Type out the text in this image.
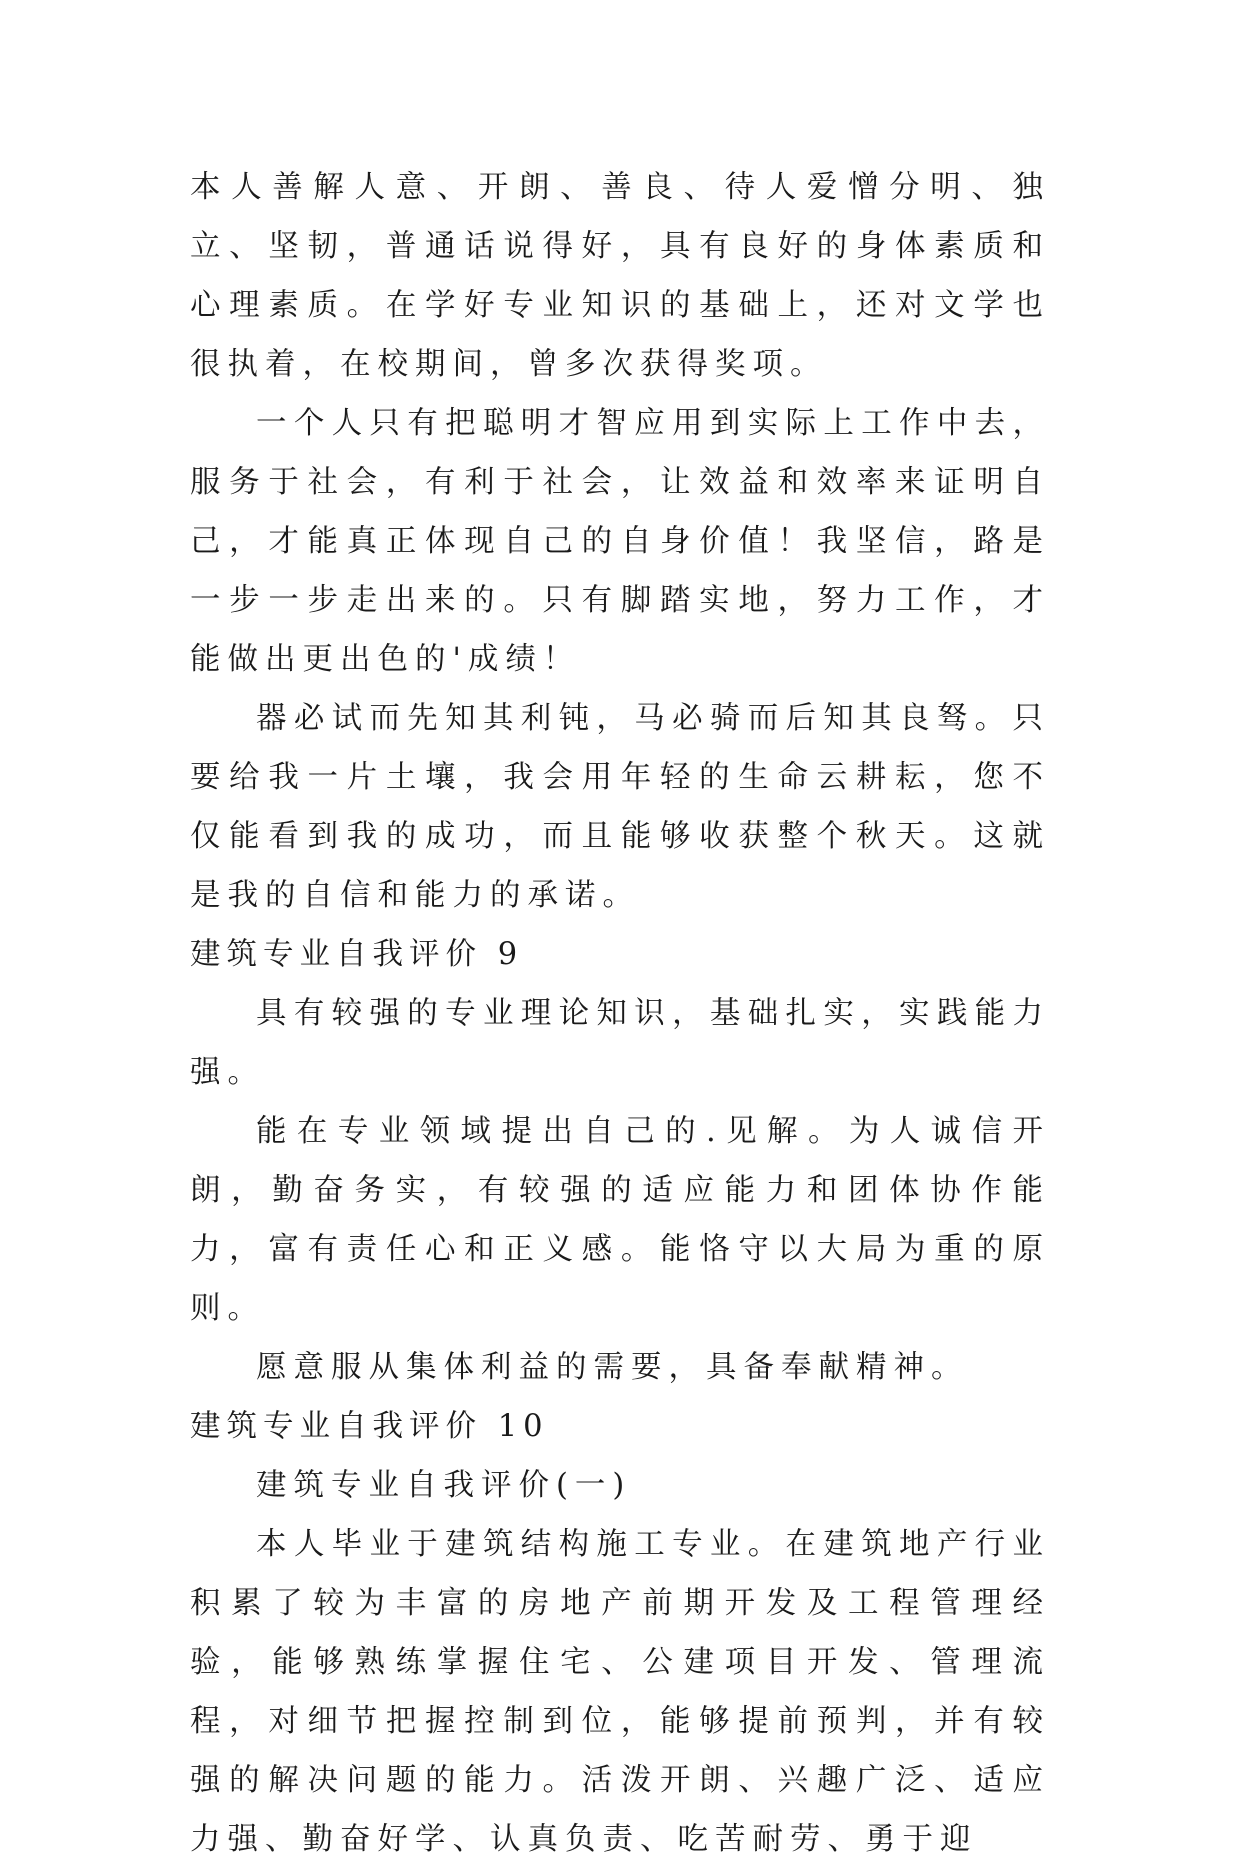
本人善解人意、开朗、善良、待人爱憎分明、独立、坚韧，普通话说得好，具有良好的身体素质和心理素质。在学好专业知识的基础上，还对文学也很执着，在校期间，曾多次获得奖项。

一个人只有把聪明才智应用到实际上工作中去，服务于社会，有利于社会，让效益和效率来证明自己，才能真正体现自己的自身价值！我坚信，路是一步一步走出来的。只有脚踏实地，努力工作，才能做出更出色的'成绩！

器必试而先知其利钝，马必骑而后知其良驽。只要给我一片土壤，我会用年轻的生命云耕耘，您不仅能看到我的成功，而且能够收获整个秋天。这就是我的自信和能力的承诺。

建筑专业自我评价 9

具有较强的专业理论知识，基础扎实，实践能力强。

能在专业领域提出自己的.见解。为人诚信开朗，勤奋务实，有较强的适应能力和团体协作能力，富有责任心和正义感。能恪守以大局为重的原则。

愿意服从集体利益的需要，具备奉献精神。

建筑专业自我评价 10

建筑专业自我评价(一)

本人毕业于建筑结构施工专业。在建筑地产行业积累了较为丰富的房地产前期开发及工程管理经验，能够熟练掌握住宅、公建项目开发、管理流程，对细节把握控制到位，能够提前预判，并有较强的解决问题的能力。活泼开朗、兴趣广泛、适应力强、勤奋好学、认真负责、吃苦耐劳、勇于迎
